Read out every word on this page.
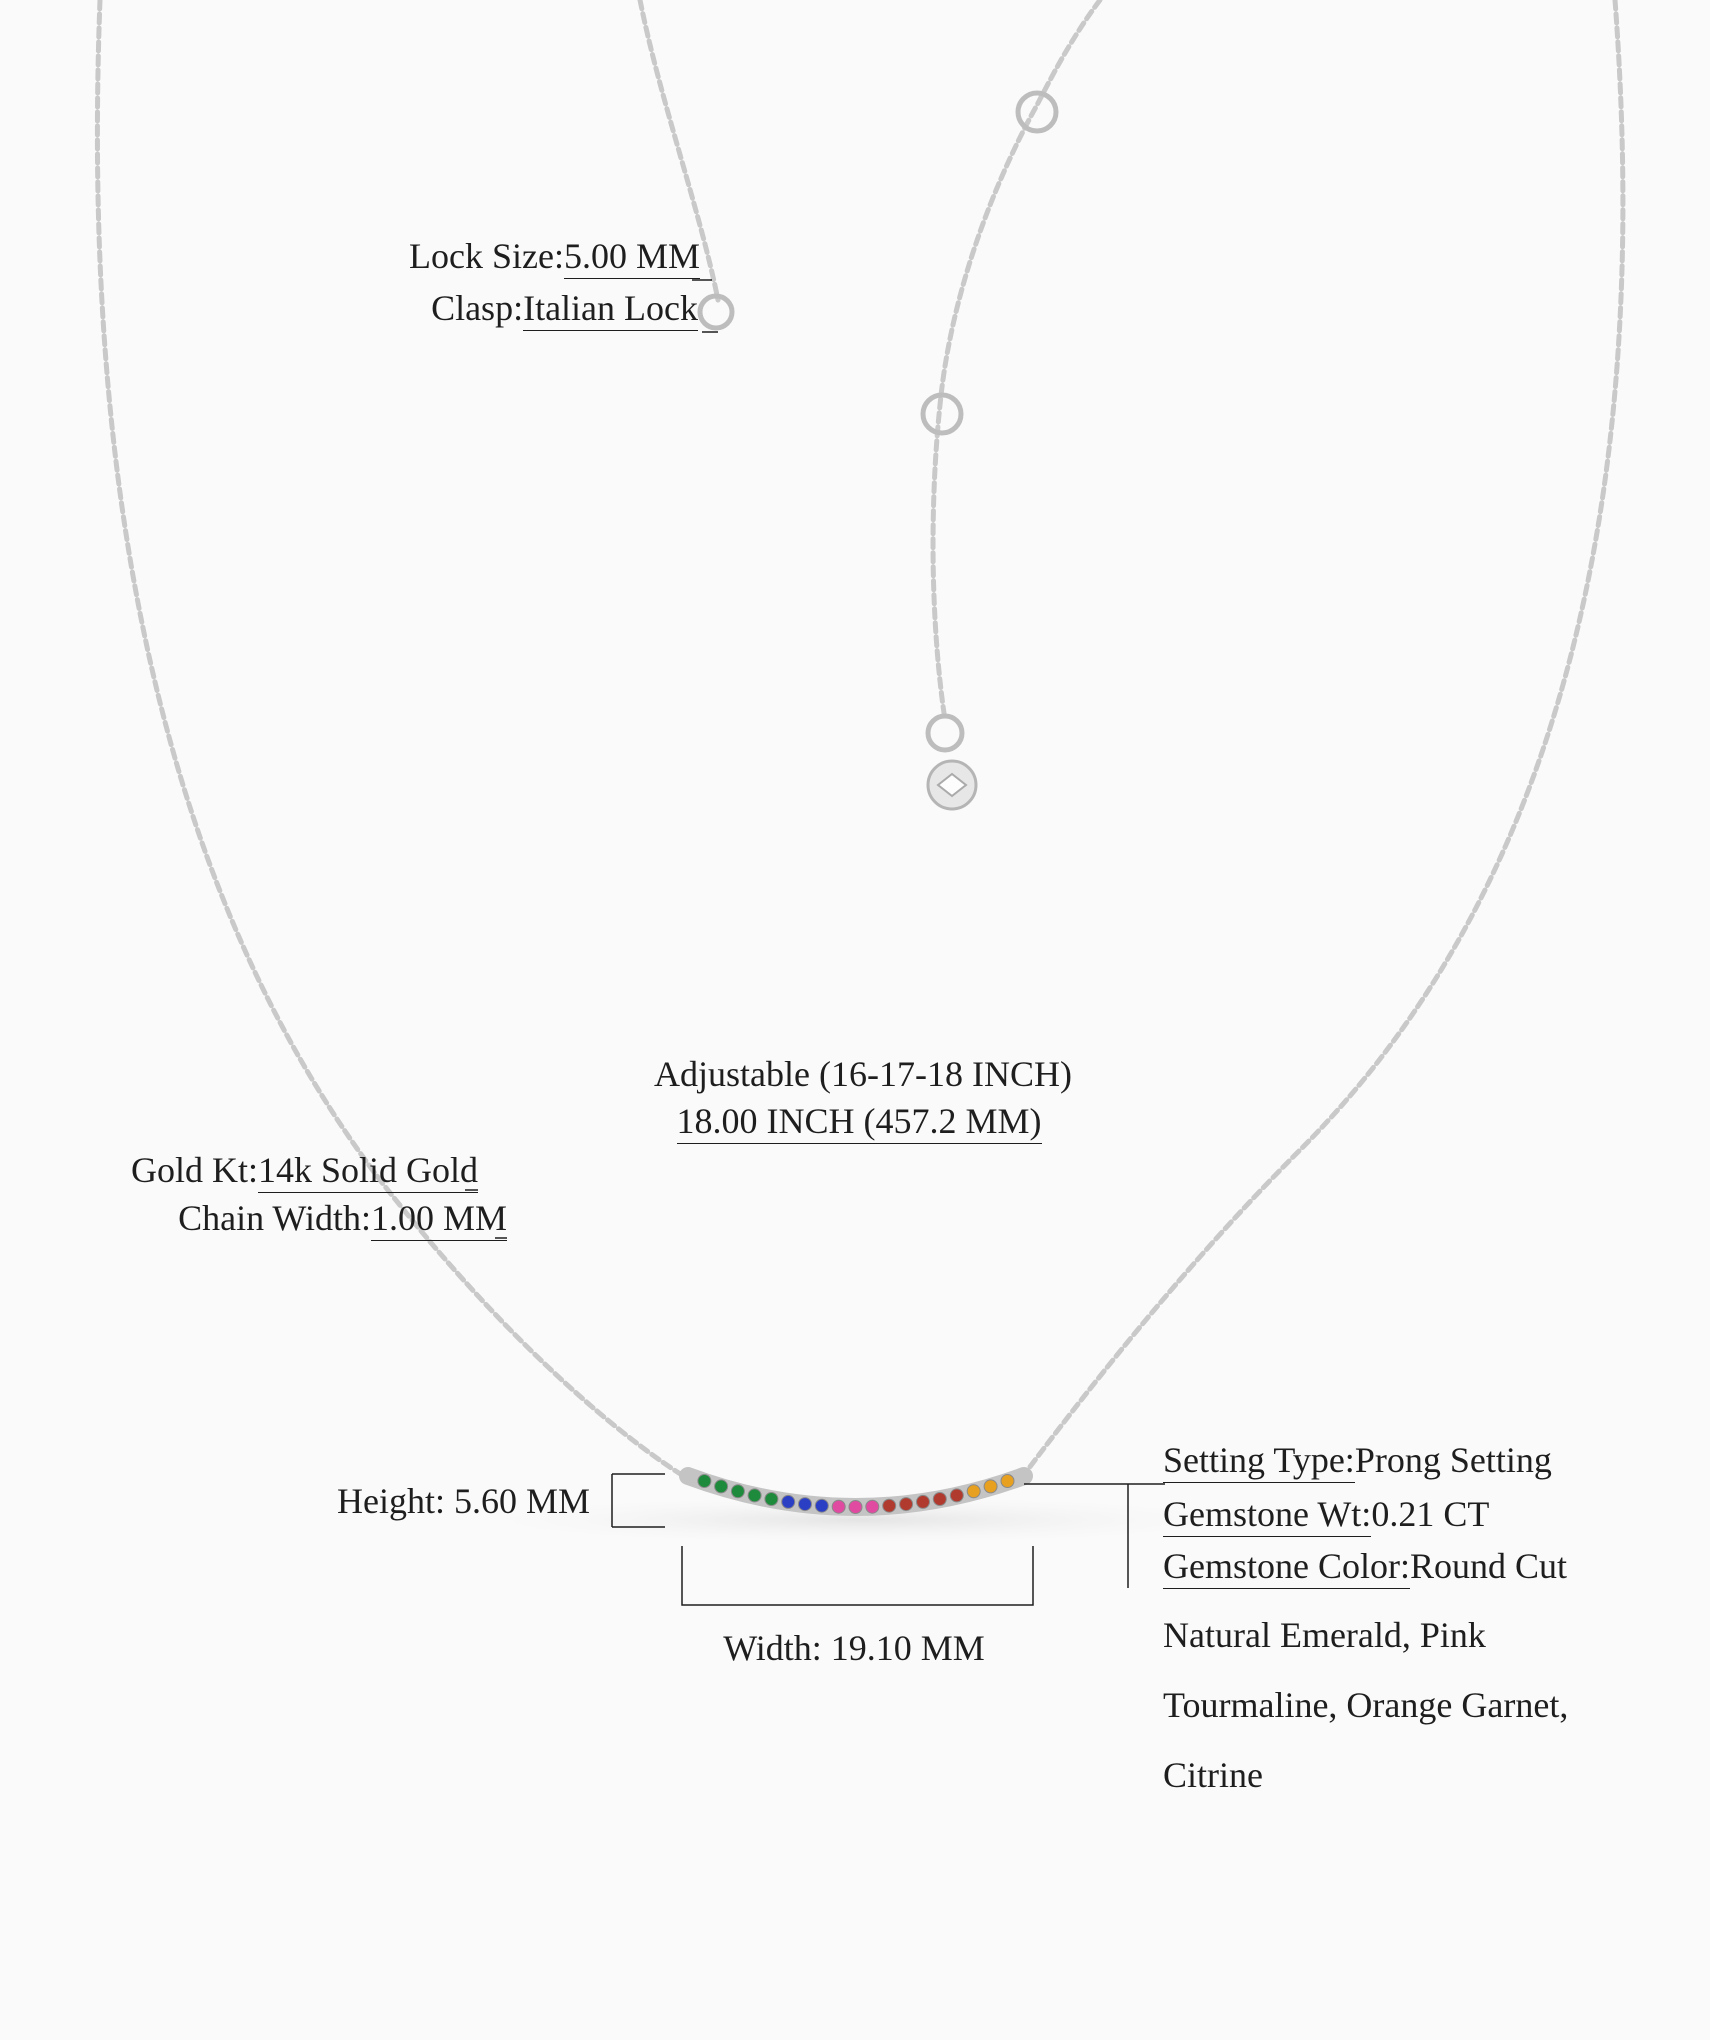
Lock Size:5.00 MM
Clasp:Italian Lock
Adjustable (16-17-18 INCH)
18.00 INCH (457.2 MM)
Gold Kt:14k Solid Gold
Chain Width:1.00 MM
Height: 5.60 MM
Width: 19.10 MM
Setting Type:Prong Setting
Gemstone Wt:0.21 CT
Gemstone Color:Round Cut
Natural Emerald, Pink
Tourmaline, Orange Garnet,
Citrine
